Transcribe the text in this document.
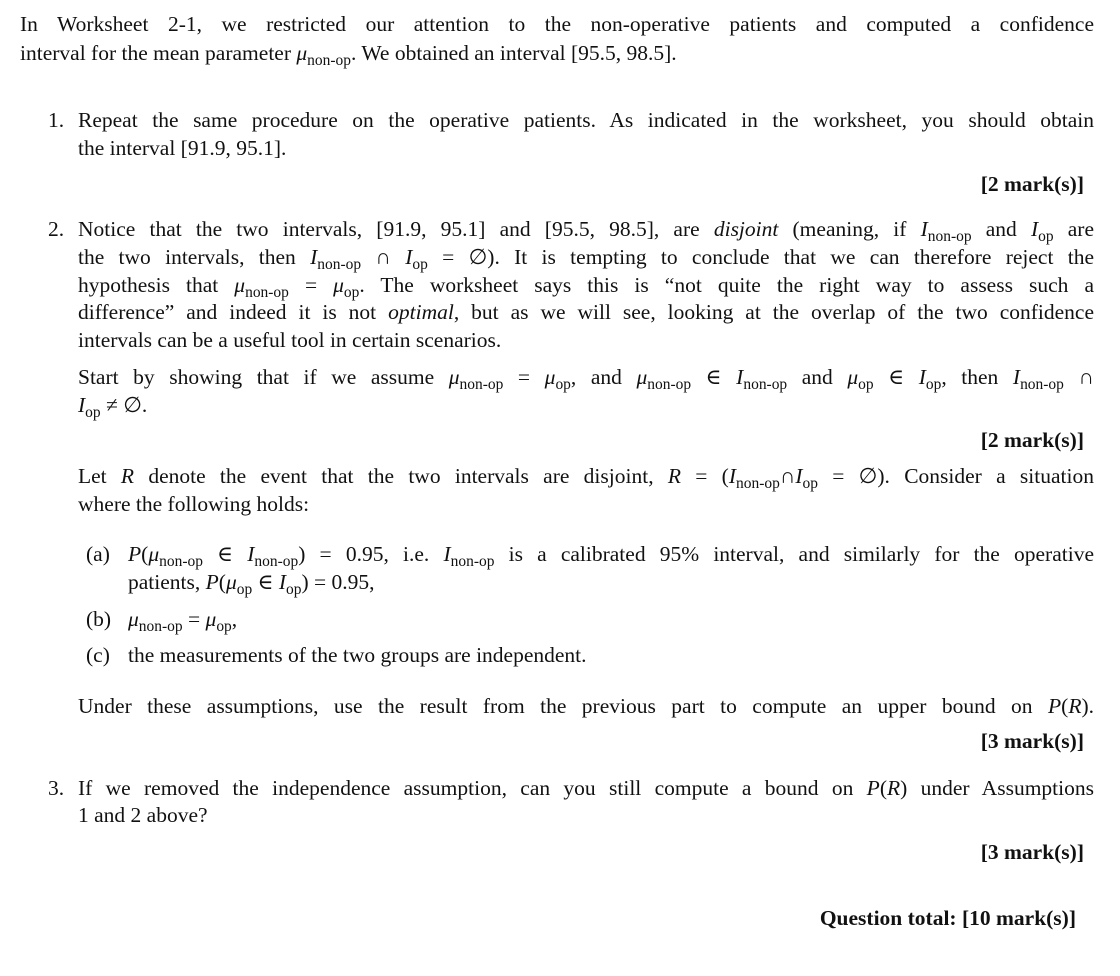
In Worksheet 2-1, we restricted our attention to the non-operative patients and computed a confidence
interval for the mean parameter $\mu_{non-op}$. We obtained an interval [95.5, 98.5].
1. Repeat the same procedure on the operative patients. As indicated in the worksheet, you should obtain
the interval [91.9, 95.1].
[2 mark(s)]
2. Notice that the two intervals, [91.9, 95.1] and [95.5, 98.5], are disjoint (meaning, if $I_{non-op}$ and $I_{op}$ are
the two intervals, then $I_{non-op}$ ∩ $I_{op}$ = ∅). It is tempting to conclude that we can therefore reject the
hypothesis that $\mu_{non-op} = \mu_{op}$. The worksheet says this is “not quite the right way to assess such a
difference” and indeed it is not optimal, but as we will see, looking at the overlap of the two confidence
intervals can be a useful tool in certain scenarios.
Start by showing that if we assume $\mu_{non-op} = \mu_{op}$, and $\mu_{non-op}$ ∈ $I_{non-op}$ and $\mu_{op}$ ∈ $I_{op}$, then $I_{non-op}$ ∩
$I_{op}$ ≠ ∅.
[2 mark(s)]
Let R denote the event that the two intervals are disjoint, $R = (I_{non-op}\cap I_{op}$ = ∅). Consider a situation
where the following holds:
(a) $P(\mu_{non-op}$ ∈ $I_{non-op}) = 0.95$, i.e. $I_{non-op}$ is a calibrated 95% interval, and similarly for the operative
patients, $P(\mu_{op}$ ∈ $I_{op}) = 0.95$,
(b) $\mu_{non-op} = \mu_{op}$,
(c) the measurements of the two groups are independent.
Under these assumptions, use the result from the previous part to compute an upper bound on P(R).
[3 mark(s)]
3. If we removed the independence assumption, can you still compute a bound on P(R) under Assumptions
1 and 2 above?
[3 mark(s)]
Question total: [10 mark(s)]
